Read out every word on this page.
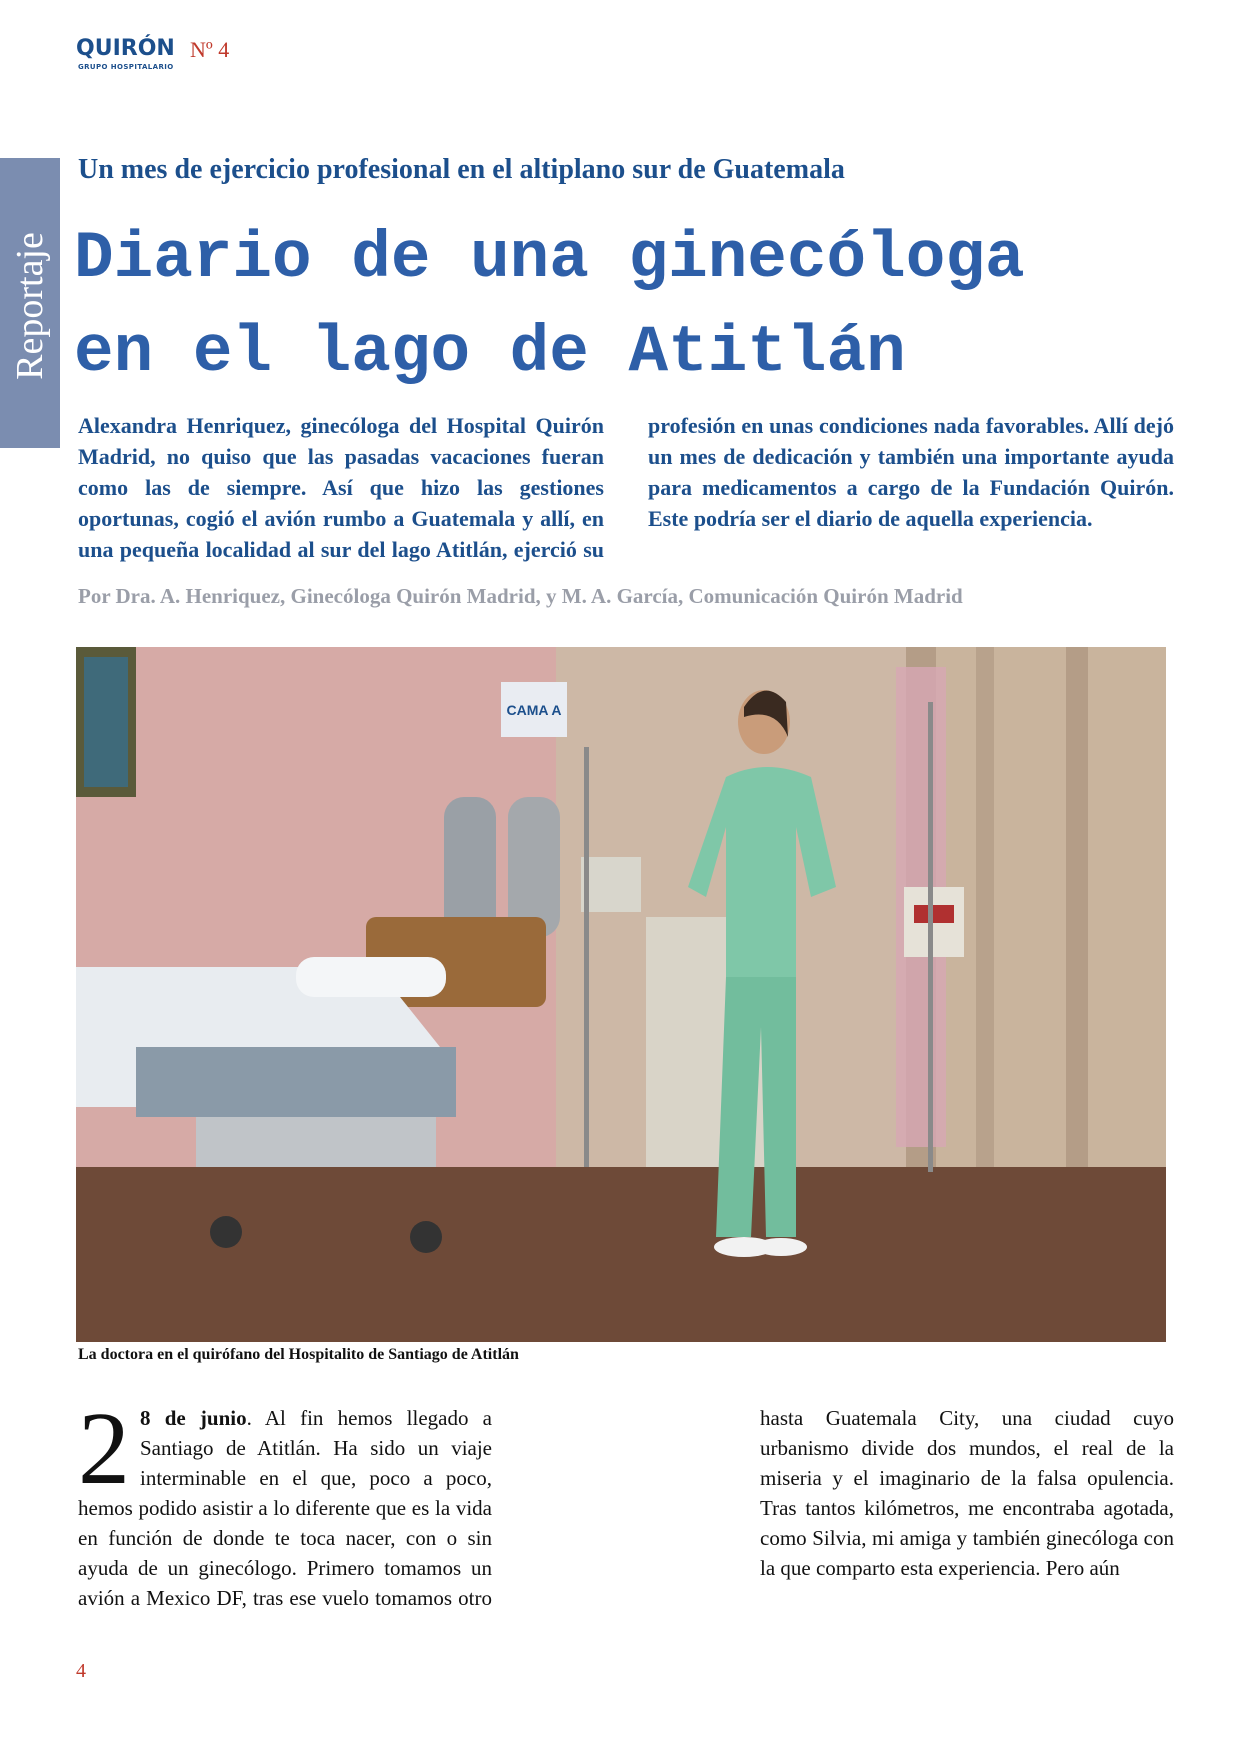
QUIRÓN
GRUPO HOSPITALARIO
Nº 4
Reportaje
Un mes de ejercicio profesional en el altiplano sur de Guatemala
Diario de una ginecóloga
en el lago de Atitlán

Alexandra Henriquez, ginecóloga del Hospital Quirón Madrid, no quiso que las pasadas vacaciones fueran como las de siempre. Así que hizo las gestiones oportunas, cogió el avión rumbo a Guatemala y allí, en una pequeña localidad al sur del lago Atitlán, ejerció su profesión en unas condiciones nada favorables. Allí dejó un mes de dedicación y también una importante ayuda para medicamentos a cargo de la Fundación Quirón. Este podría ser el diario de aquella experiencia.

Por Dra. A. Henriquez, Ginecóloga Quirón Madrid, y M. A. García, Comunicación Quirón Madrid
CAMA A
La doctora en el quirófano del Hospitalito de Santiago de Atitlán
2 8 de junio. Al fin hemos llegado a Santiago de Atitlán. Ha sido un viaje interminable en el que, poco a poco, hemos podido asistir a lo diferente que es la vida en función de donde te toca nacer, con o sin ayuda de un ginecólogo. Primero tomamos un avión a Mexico DF, tras ese vuelo tomamos otro hasta Guatemala City, una ciudad cuyo urbanismo divide dos mundos, el real de la miseria y el imaginario de la falsa opulencia. Tras tantos kilómetros, me encontraba agotada, como Silvia, mi amiga y también ginecóloga con la que comparto esta experiencia. Pero aún
4
